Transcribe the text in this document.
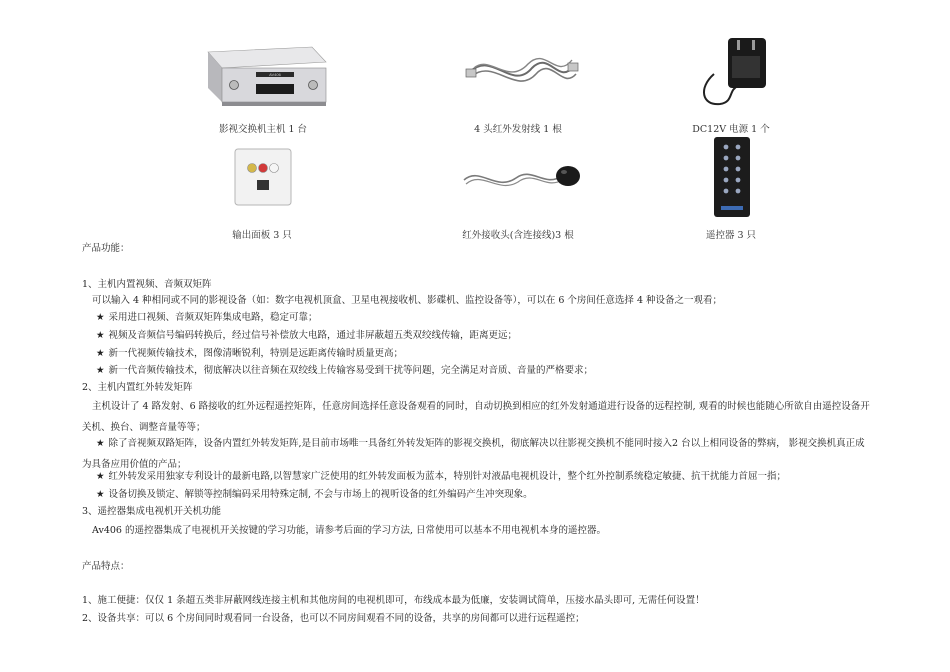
AV406
影视交换机主机 1 台	4 头红外发射线 1 根	DC12V 电源 1 个
输出面板 3 只	红外接收头(含连接线)3 根	遥控器 3 只
产品功能：
1、主机内置视频、音频双矩阵
可以输入 4 种相同或不同的影视设备（如：数字电视机顶盒、卫星电视接收机、影碟机、监控设备等），可以在 6 个房间任意选择 4 种设备之一观看；
★ 采用进口视频、音频双矩阵集成电路，稳定可靠；
★ 视频及音频信号编码转换后，经过信号补偿放大电路，通过非屏蔽超五类双绞线传输，距离更远；
★ 新一代视频传输技术，图像清晰锐利，特别是远距离传输时质量更高；
★ 新一代音频传输技术，彻底解决以往音频在双绞线上传输容易受到干扰等问题，完全满足对音质、音量的严格要求；
2、主机内置红外转发矩阵
主机设计了 4 路发射、6 路接收的红外远程遥控矩阵，任意房间选择任意设备观看的同时，自动切换到相应的红外发射通道进行设备的远程控制, 观看的时候也能随心所欲自由遥控设备开关机、换台、调整音量等等；
★ 除了音视频双路矩阵，设备内置红外转发矩阵,是目前市场唯一具备红外转发矩阵的影视交换机，彻底解决以往影视交换机不能同时接入2 台以上相同设备的弊病， 影视交换机真正成为具备应用价值的产品；
★ 红外转发采用独家专利设计的最新电路,以智慧家广泛使用的红外转发面板为蓝本，特别针对液晶电视机设计，整个红外控制系统稳定敏捷、抗干扰能力首屈一指；
★ 设备切换及锁定、解锁等控制编码采用特殊定制, 不会与市场上的视听设备的红外编码产生冲突现象。
3、遥控器集成电视机开关机功能
Av406 的遥控器集成了电视机开关按键的学习功能，请参考后面的学习方法, 日常使用可以基本不用电视机本身的遥控器。
产品特点：
1、施工便捷：仅仅 1 条超五类非屏蔽网线连接主机和其他房间的电视机即可，布线成本最为低廉，安装调试简单，压接水晶头即可, 无需任何设置！
2、设备共享：可以 6 个房间同时观看同一台设备，也可以不同房间观看不同的设备，共享的房间都可以进行远程遥控；
